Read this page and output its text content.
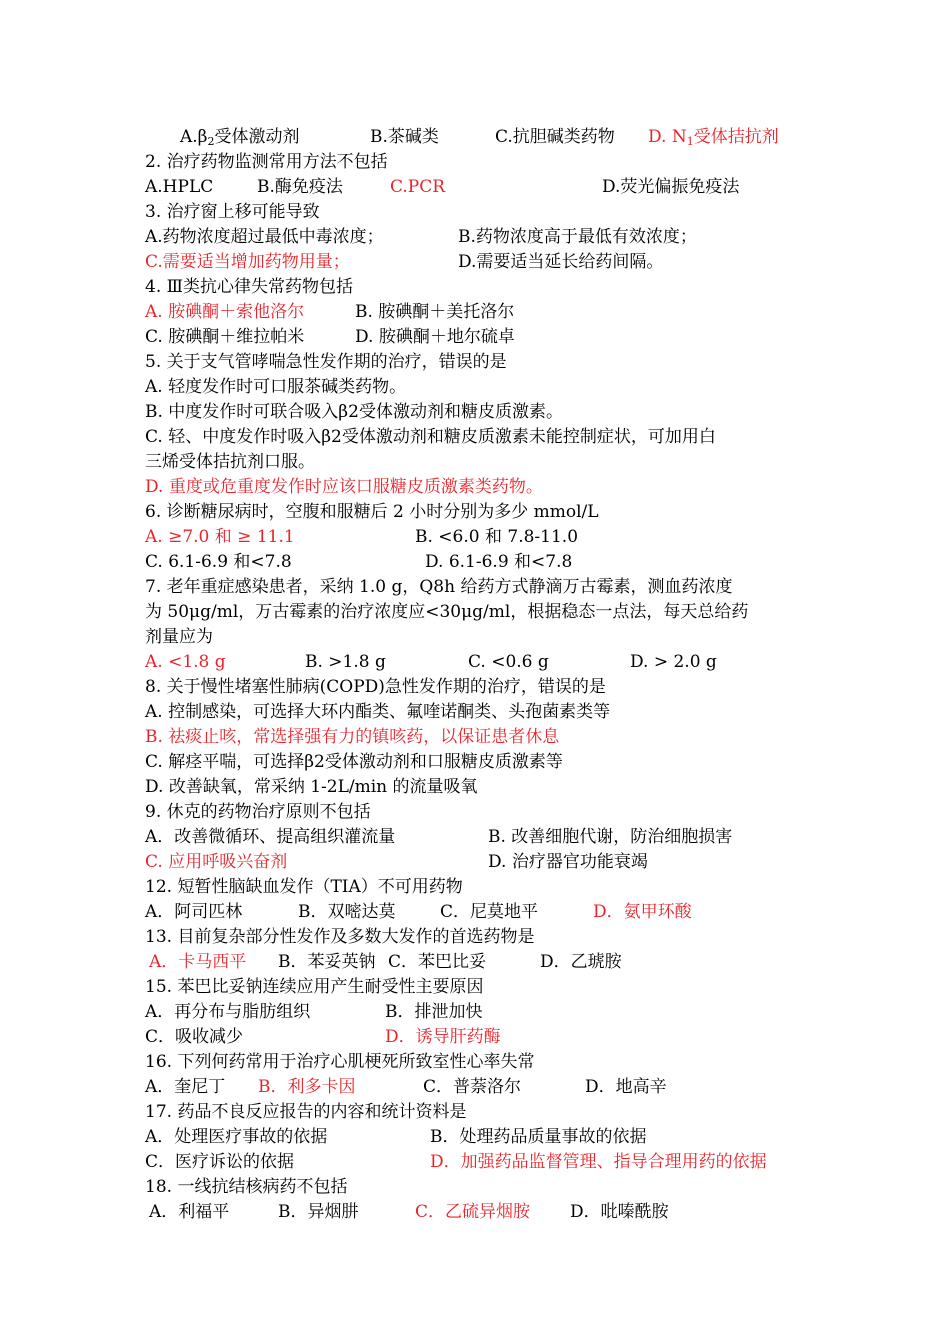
$A.\beta_2$受体激动剂	B.茶碱类	C.抗胆碱类药物 D. $N_1$受体拮抗剂
2. 治疗药物监测常用方法不包括
A.HPLC	B.酶免疫法	C.PCR	D.荧光偏振免疫法
3. 治疗窗上移可能导致
A.药物浓度超过最低中毒浓度；	B.药物浓度高于最低有效浓度；
C.需要适当增加药物用量；	D.需要适当延长给药间隔。
4. Ⅲ类抗心律失常药物包括
A. 胺碘酮＋索他洛尔	B. 胺碘酮＋美托洛尔
C. 胺碘酮＋维拉帕米	D. 胺碘酮＋地尔硫卓
5. 关于支气管哮喘急性发作期的治疗，错误的是
A. 轻度发作时可口服茶碱类药物。
B. 中度发作时可联合吸入β2受体激动剂和糖皮质激素。
C. 轻、中度发作时吸入β2受体激动剂和糖皮质激素未能控制症状，可加用白
三烯受体拮抗剂口服。
D. 重度或危重度发作时应该口服糖皮质激素类药物。
6. 诊断糖尿病时，空腹和服糖后 2 小时分别为多少 mmol/L
A. ≥7.0 和 ≥ 11.1	B. <6.0 和 7.8-11.0
C. 6.1-6.9 和<7.8	D. 6.1-6.9 和<7.8
7. 老年重症感染患者，采纳 1.0 g，Q8h 给药方式静滴万古霉素，测血药浓度
为 50μg/ml，万古霉素的治疗浓度应<30μg/ml，根据稳态一点法，每天总给药
剂量应为
A. <1.8 g	B. >1.8 g	C. <0.6 g	D. > 2.0 g
8. 关于慢性堵塞性肺病(COPD)急性发作期的治疗，错误的是
A. 控制感染，可选择大环内酯类、氟喹诺酮类、头孢菌素类等
B. 祛痰止咳，常选择强有力的镇咳药，以保证患者休息
C. 解痉平喘，可选择β2受体激动剂和口服糖皮质激素等
D. 改善缺氧，常采纳 1-2L/min 的流量吸氧
9. 休克的药物治疗原则不包括
A．改善微循环、提高组织灌流量	B. 改善细胞代谢，防治细胞损害
C. 应用呼吸兴奋剂	D. 治疗器官功能衰竭
12. 短暂性脑缺血发作（TIA）不可用药物
A．阿司匹林	B．双嘧达莫	C．尼莫地平	D．氨甲环酸
13. 目前复杂部分性发作及多数大发作的首选药物是
A．卡马西平 B．苯妥英钠 C．苯巴比妥	D．乙琥胺
15. 苯巴比妥钠连续应用产生耐受性主要原因
A．再分布与脂肪组织	B．排泄加快
C．吸收减少	D．诱导肝药酶
16. 下列何药常用于治疗心肌梗死所致室性心率失常
A．奎尼丁 B．利多卡因	C．普萘洛尔	D．地高辛
17. 药品不良反应报告的内容和统计资料是
A．处理医疗事故的依据	B．处理药品质量事故的依据
C．医疗诉讼的依据	D．加强药品监督管理、指导合理用药的依据
18. 一线抗结核病药不包括
A．利福平	B．异烟肼	C．乙硫异烟胺 D．吡嗪酰胺
